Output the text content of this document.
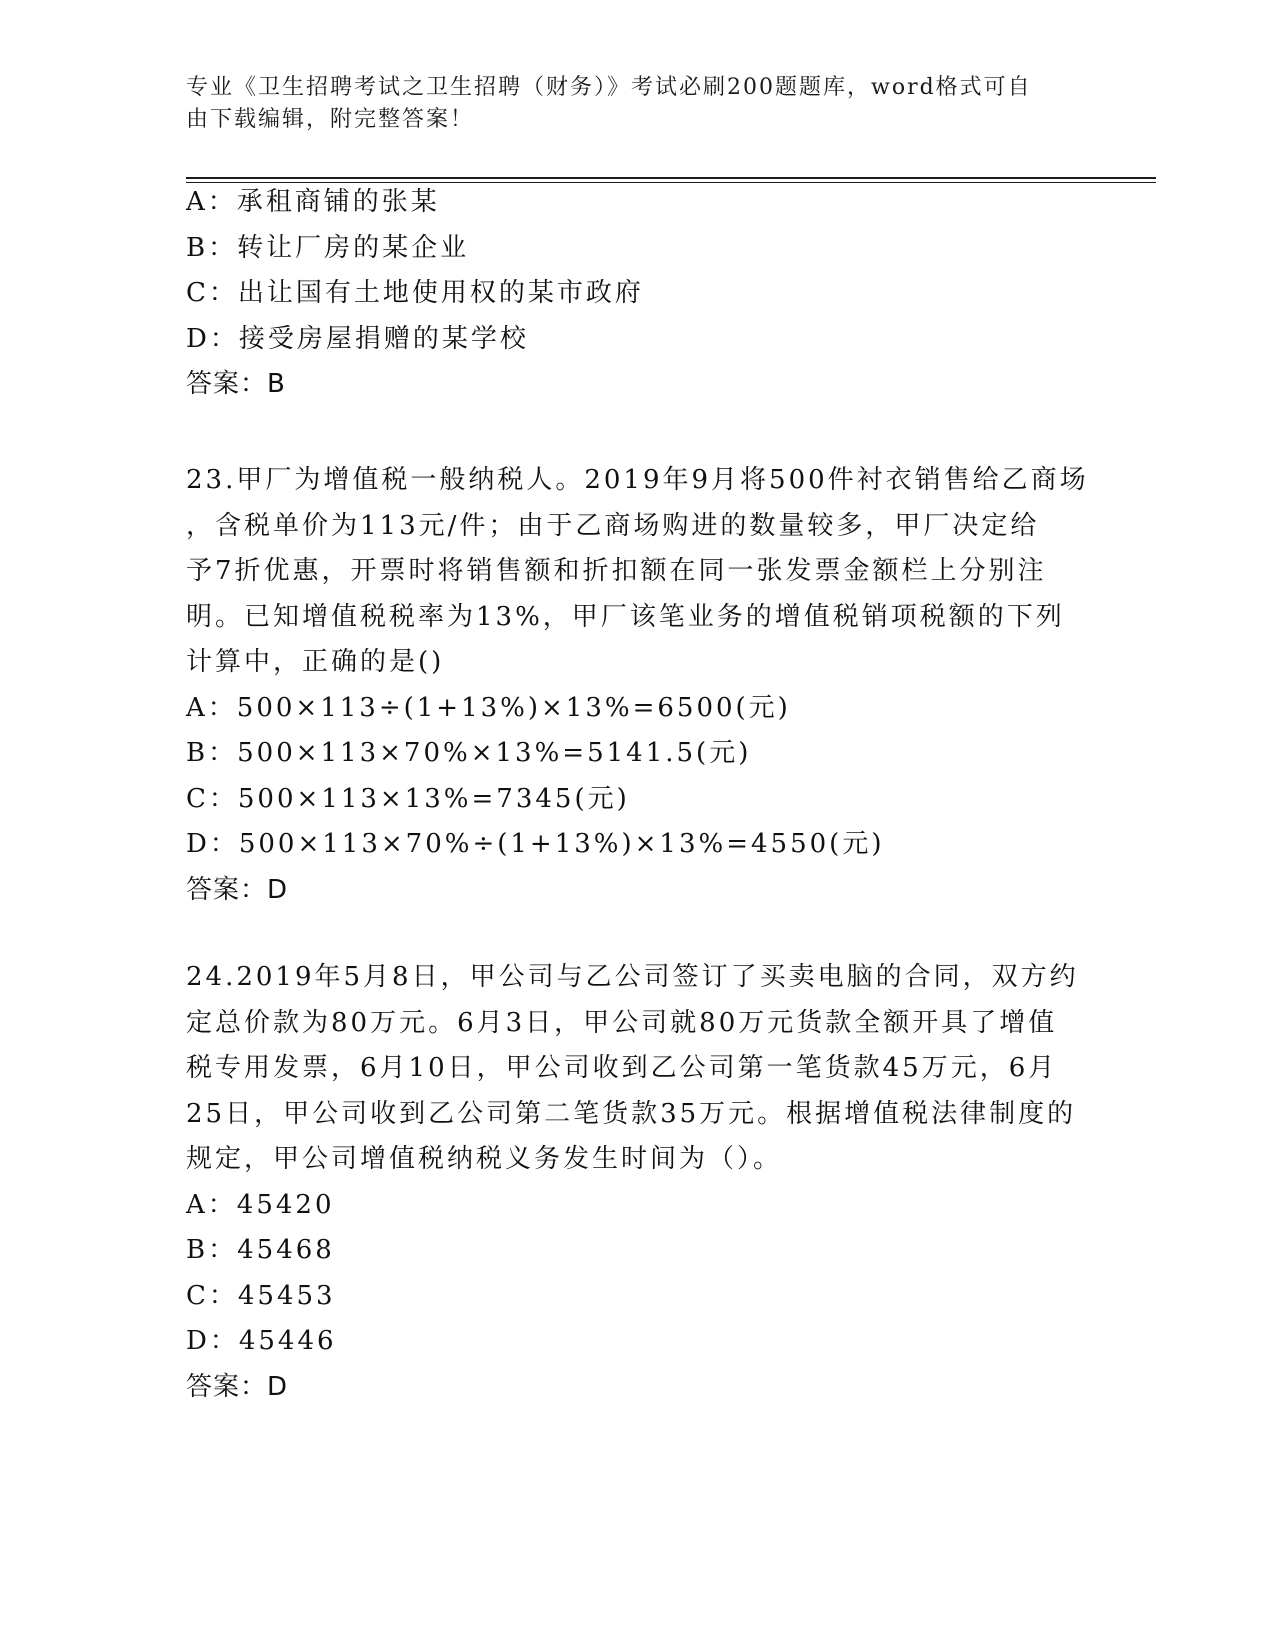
专业《卫生招聘考试之卫生招聘（财务）》考试必刷200题题库，word格式可自
由下载编辑，附完整答案！
A：承租商铺的张某
B：转让厂房的某企业
C：出让国有土地使用权的某市政府
D：接受房屋捐赠的某学校
答案：B
23.甲厂为增值税一般纳税人。2019年9月将500件衬衣销售给乙商场
，含税单价为113元/件；由于乙商场购进的数量较多，甲厂决定给
予7折优惠，开票时将销售额和折扣额在同一张发票金额栏上分别注
明。已知增值税税率为13%，甲厂该笔业务的增值税销项税额的下列
计算中，正确的是()
A：500×113÷(1+13%)×13%=6500(元)
B：500×113×70%×13%=5141.5(元)
C：500×113×13%=7345(元)
D：500×113×70%÷(1+13%)×13%=4550(元)
答案：D
24.2019年5月8日，甲公司与乙公司签订了买卖电脑的合同，双方约
定总价款为80万元。6月3日，甲公司就80万元货款全额开具了增值
税专用发票，6月10日，甲公司收到乙公司第一笔货款45万元，6月
25日，甲公司收到乙公司第二笔货款35万元。根据增值税法律制度的
规定，甲公司增值税纳税义务发生时间为（）。
A：45420
B：45468
C：45453
D：45446
答案：D
